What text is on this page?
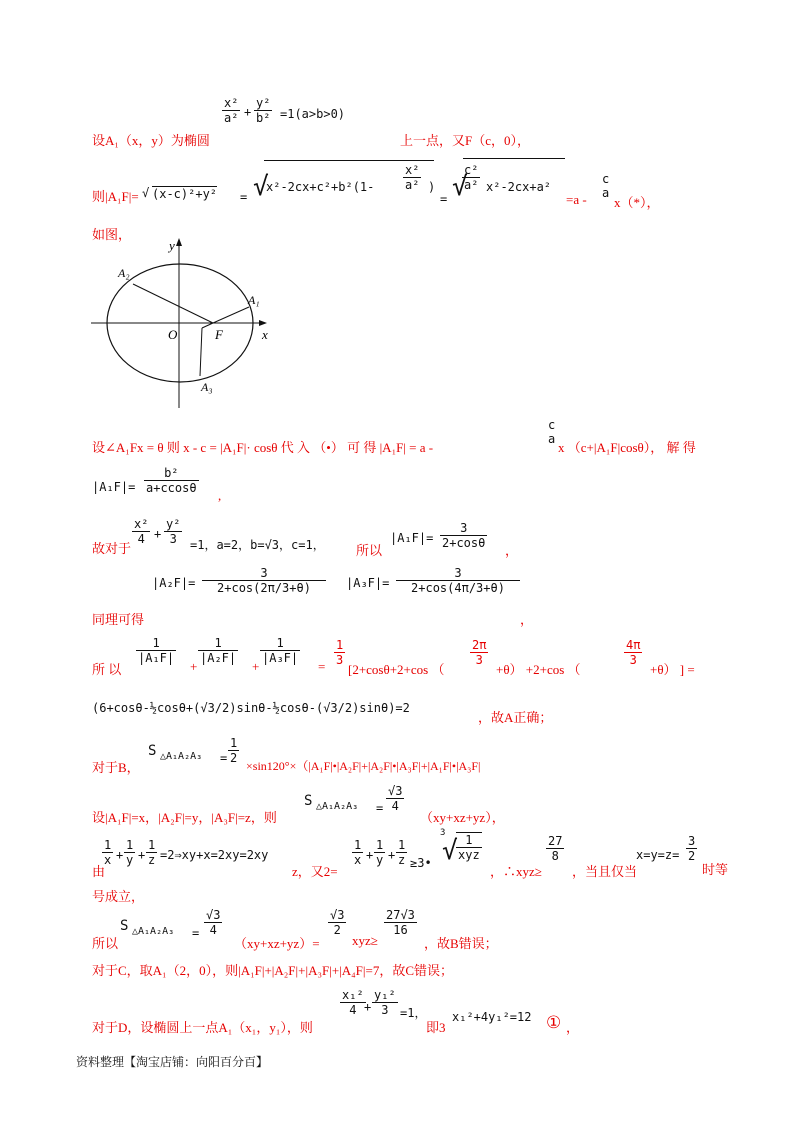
$\frac{\text{x²}}{\text{a²}} + \frac{\text{y²}}{\text{b²}} =1(a>b>0)$
设A₁（x，y）为椭圆	上一点，又F（c，0），
则|A₁F|= √ (x-c)²+y² = √
$x^2-2cx+c^2+b^2(1- \frac{\text{x²}}{\text{a²}}$ )
= √
$\frac{\text{c²}}{\text{a²}} x^2-2cx+a^2$
=a -
c
a
x（*），
如图，
y
x
O	F
A₁
A₂
A₃
设∠A₁Fx = θ 则 x - c = |A₁F|· cosθ 代 入 （•） 可 得 |A₁F| = a -
c
a
x （c+|A₁F|cosθ）， 解 得
$|A_1F|= \frac{\text{b²}}{a+ccos\theta}$
,
故对于
$\frac{\text{x²}}{4} + \frac{\text{y²}}{3} =1$，a=2，b=√3，c=1， 所以
$|A_1F|= \frac{3}{2+\cos\theta}$
，
$|A_2F|= \frac{3}{2+\cos(2\pi/3+\theta)} |A_3F|= \frac{3}{2+\cos(4\pi/3+\theta)}$
同理可得	，
所 以
$\frac{1}{\text{|A₁F|}}$
+
$\frac{1}{\text{|A₂F|}}$
+
$\frac{1}{\text{|A₃F|}}$
= $\frac{1}{3}$
[2+cosθ+2+cos （
$\frac{2\pi}{3}$
+θ） +2+cos （
$\frac{4\pi}{3}$
+θ） ] =
(6+cosθ-½cosθ+(√3/2)sinθ-½cosθ-(√3/2)sinθ)=2
，故A正确；
对于B，
S △A₁A₂A₃ = $\frac{1}{2}$
×sin120°×（|A₁F|•|A₂F|+|A₂F|•|A₃F|+|A₁F|•|A₃F|
设|A₁F|=x，|A₂F|=y，|A₃F|=z，则
S △A₁A₂A₃ = $\frac{√3}{4}$
（xy+xz+yz），
由
$\frac{1}{x} + \frac{1}{y} + \frac{1}{z}$ =2⇒xy+x=2xy=2xy
z，又2=
$\frac{1}{x} + \frac{1}{y} + \frac{1}{z}$ ≥3•
3
√ 1
xyz
，∴xyz≥
$\frac{27}{8}$
，当且仅当
$x=y=z= \frac{3}{2}$
时等
号成立，
所以
S △A₁A₂A₃ = $\frac{√3}{4}$
（xy+xz+yz）=
$\frac{√3}{2}$
xyz≥
$\frac{27√3}{16}$
，故B错误；
对于C，取A₁（2，0），则|A₁F|+|A₂F|+|A₃F|+|A₄F|=7，故C错误；
对于D，设椭圆上一点A₁（x₁，y₁），则
$\frac{\text{x₁²}}{4}$
+ $\frac{\text{y₁²}}{3} =1$，
即3
x₁²+4y₁²=12 ① ，
资料整理【淘宝店铺：向阳百分百】
